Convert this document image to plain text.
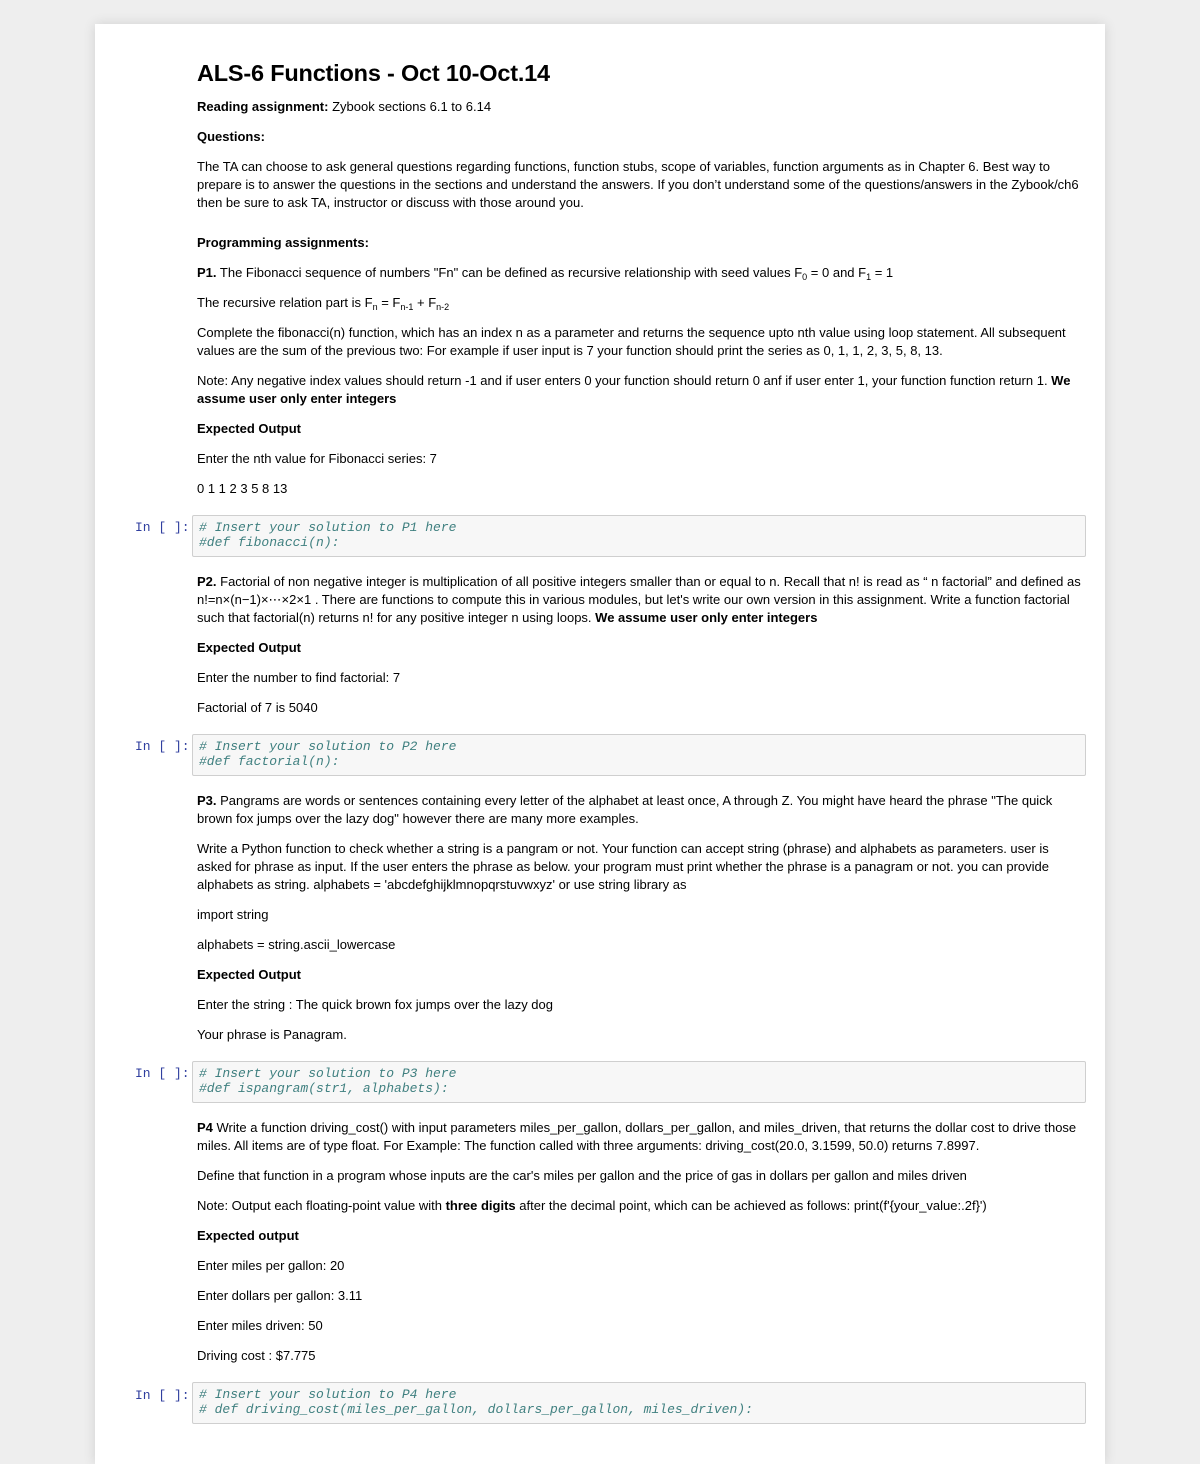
ALS-6 Functions - Oct 10-Oct.14

Reading assignment: Zybook sections 6.1 to 6.14

Questions:

The TA can choose to ask general questions regarding functions, function stubs, scope of variables, function arguments as in Chapter 6. Best way to prepare is to answer the questions in the sections and understand the answers. If you don’t understand some of the questions/answers in the Zybook/ch6 then be sure to ask TA, instructor or discuss with those around you.

Programming assignments:

P1. The Fibonacci sequence of numbers "Fn" can be defined as recursive relationship with seed values $F_0 = 0$ and $F_1 = 1$

The recursive relation part is $F_n = F_{n-1} + F_{n-2}$

Complete the fibonacci(n) function, which has an index n as a parameter and returns the sequence upto nth value using loop statement. All subsequent values are the sum of the previous two: For example if user input is 7 your function should print the series as 0, 1, 1, 2, 3, 5, 8, 13.

Note: Any negative index values should return -1 and if user enters 0 your function should return 0 anf if user enter 1, your function function return 1. We assume user only enter integers

Expected Output

Enter the nth value for Fibonacci series: 7

0 1 1 2 3 5 8 13

In [ ]: # Insert your solution to P1 here
#def fibonacci(n):

P2. Factorial of non negative integer is multiplication of all positive integers smaller than or equal to n. Recall that n! is read as “ n factorial” and defined as n!=n×(n−1)×⋯×2×1 . There are functions to compute this in various modules, but let's write our own version in this assignment. Write a function factorial such that factorial(n) returns n! for any positive integer n using loops. We assume user only enter integers

Expected Output

Enter the number to find factorial: 7

Factorial of 7 is 5040

In [ ]: # Insert your solution to P2 here
#def factorial(n):

P3. Pangrams are words or sentences containing every letter of the alphabet at least once, A through Z. You might have heard the phrase "The quick brown fox jumps over the lazy dog" however there are many more examples.

Write a Python function to check whether a string is a pangram or not. Your function can accept string (phrase) and alphabets as parameters. user is asked for phrase as input. If the user enters the phrase as below. your program must print whether the phrase is a panagram or not. you can provide alphabets as string. alphabets = 'abcdefghijklmnopqrstuvwxyz' or use string library as

import string

alphabets = string.ascii_lowercase

Expected Output

Enter the string : The quick brown fox jumps over the lazy dog

Your phrase is Panagram.

In [ ]: # Insert your solution to P3 here
#def ispangram(str1, alphabets):

P4 Write a function driving_cost() with input parameters miles_per_gallon, dollars_per_gallon, and miles_driven, that returns the dollar cost to drive those miles. All items are of type float. For Example: The function called with three arguments: driving_cost(20.0, 3.1599, 50.0) returns 7.8997.

Define that function in a program whose inputs are the car's miles per gallon and the price of gas in dollars per gallon and miles driven

Note: Output each floating-point value with three digits after the decimal point, which can be achieved as follows: print(f'{your_value:.2f}')

Expected output

Enter miles per gallon: 20

Enter dollars per gallon: 3.11

Enter miles driven: 50

Driving cost : $7.775

In [ ]: # Insert your solution to P4 here
# def driving_cost(miles_per_gallon, dollars_per_gallon, miles_driven):
